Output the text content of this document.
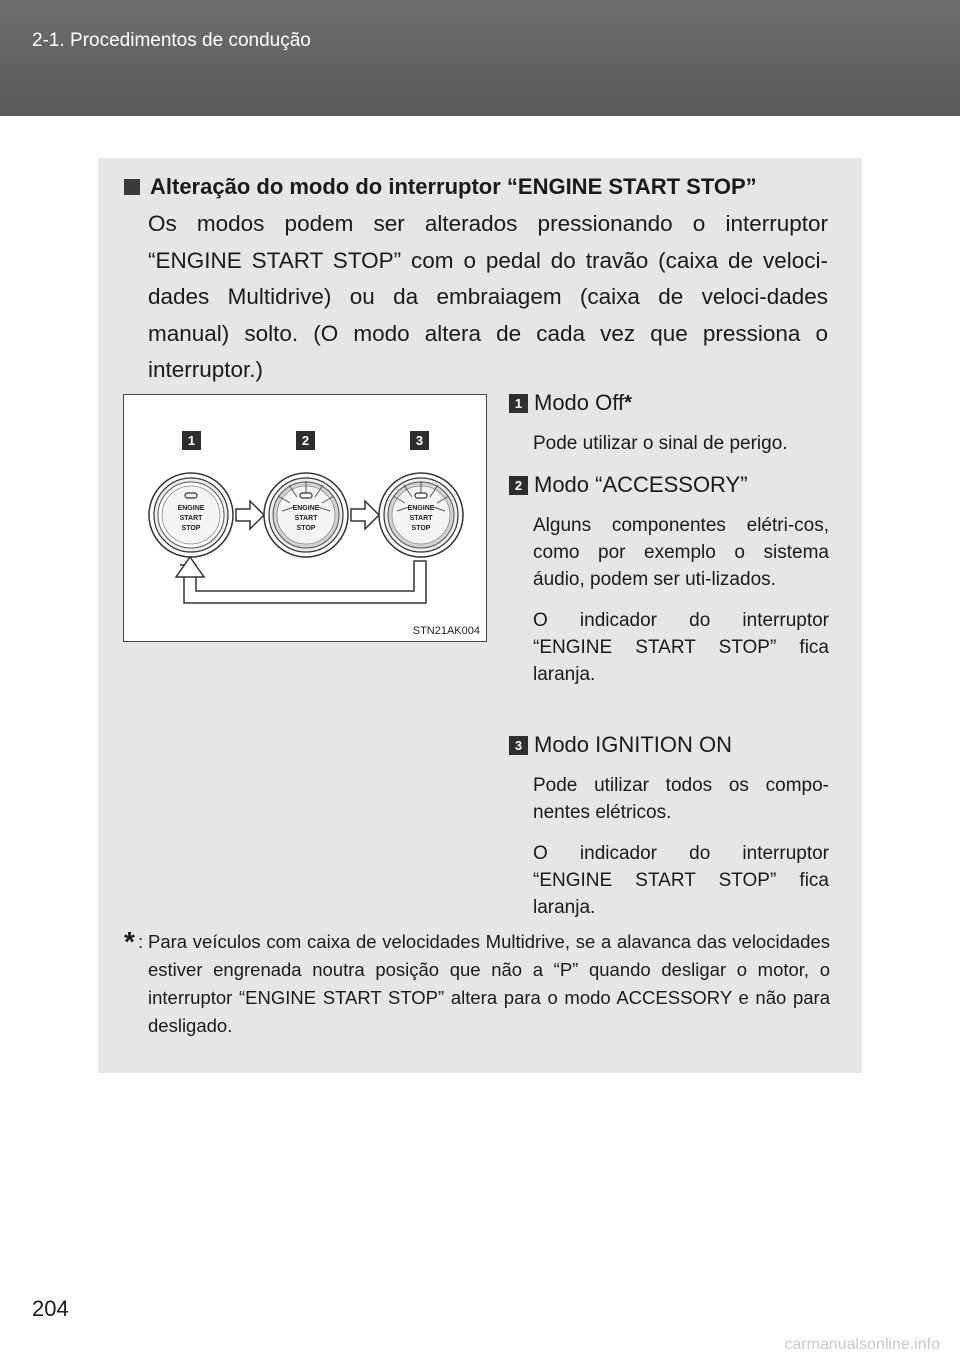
2-1. Procedimentos de condução
Alteração do modo do interruptor “ENGINE START STOP”

Os modos podem ser alterados pressionando o interruptor “ENGINE START STOP” com o pedal do travão (caixa de veloci-dades Multidrive) ou da embraiagem (caixa de veloci-dades manual) solto. (O modo altera de cada vez que pressiona o interruptor.)

1	2	3
ENGINE
START
STOP
ENGINE
START
STOP
ENGINE
START
STOP
STN21AK004
1 Modo Off *
Pode utilizar o sinal de perigo.
2 Modo “ACCESSORY”
Alguns componentes elétri-cos, como por exemplo o sistema áudio, podem ser uti-lizados.
O indicador do interruptor “ENGINE START STOP” fica laranja.
3 Modo IGNITION ON
Pode utilizar todos os compo-nentes elétricos.
O indicador do interruptor “ENGINE START STOP” fica laranja.
* : Para veículos com caixa de velocidades Multidrive, se a alavanca das velocidades estiver engrenada noutra posição que não a “P” quando desligar o motor, o interruptor “ENGINE START STOP” altera para o modo ACCESSORY e não para desligado.
204
carmanualsonline.info
